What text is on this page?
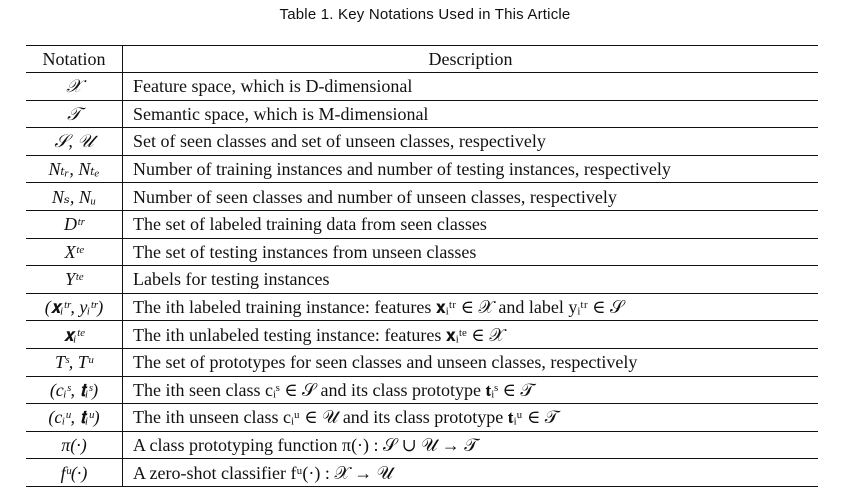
Table 1. Key Notations Used in This Article
Notation	Description
𝒳	Feature space, which is D-dimensional
𝒯	Semantic space, which is M-dimensional
𝒮, 𝒰	Set of seen classes and set of unseen classes, respectively
Nₜᵣ, Nₜₑ	Number of training instances and number of testing instances, respectively
Nₛ, Nᵤ	Number of seen classes and number of unseen classes, respectively
Dᵗʳ	The set of labeled training data from seen classes
Xᵗᵉ	The set of testing instances from unseen classes
Yᵗᵉ	Labels for testing instances
(𝐱ᵢᵗʳ, yᵢᵗʳ)	The ith labeled training instance: features 𝐱ᵢᵗʳ ∈ 𝒳 and label yᵢᵗʳ ∈ 𝒮
𝐱ᵢᵗᵉ	The ith unlabeled testing instance: features 𝐱ᵢᵗᵉ ∈ 𝒳
Tˢ, Tᵘ	The set of prototypes for seen classes and unseen classes, respectively
(cᵢˢ, 𝐭ᵢˢ)	The ith seen class cᵢˢ ∈ 𝒮 and its class prototype 𝐭ᵢˢ ∈ 𝒯
(cᵢᵘ, 𝐭ᵢᵘ)	The ith unseen class cᵢᵘ ∈ 𝒰 and its class prototype 𝐭ᵢᵘ ∈ 𝒯
π(·)	A class prototyping function π(·) : 𝒮 ∪ 𝒰 → 𝒯
fᵘ(·)	A zero-shot classifier fᵘ(·) : 𝒳 → 𝒰
